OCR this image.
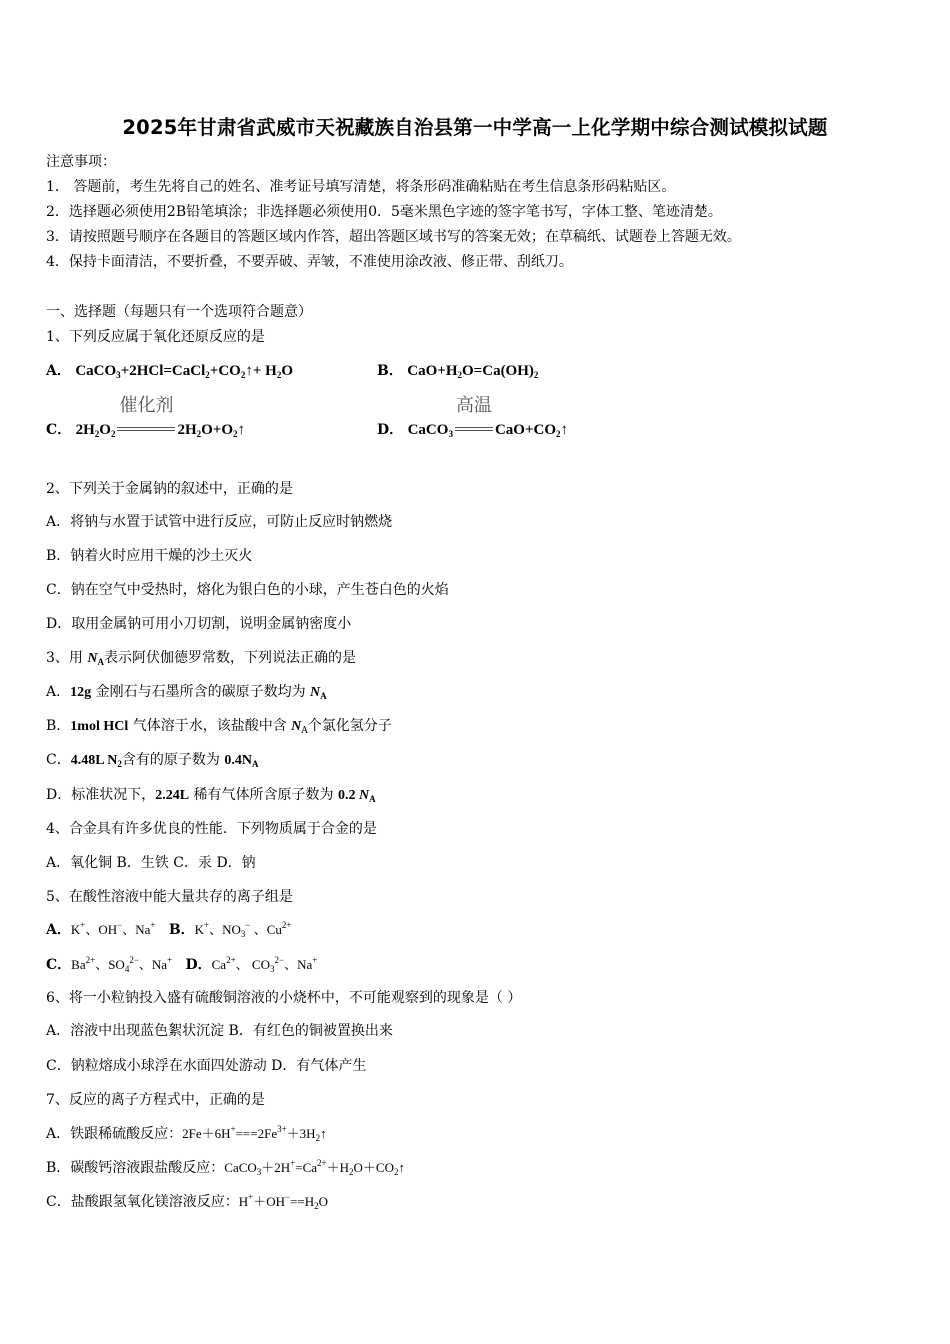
2025年甘肃省武威市天祝藏族自治县第一中学高一上化学期中综合测试模拟试题
注意事项：
1． 答题前，考生先将自己的姓名、准考证号填写清楚，将条形码准确粘贴在考生信息条形码粘贴区。
2．选择题必须使用2B铅笔填涂；非选择题必须使用0．5毫米黑色字迹的签字笔书写，字体工整、笔迹清楚。
3．请按照题号顺序在各题目的答题区域内作答，超出答题区域书写的答案无效；在草稿纸、试题卷上答题无效。
4．保持卡面清洁，不要折叠，不要弄破、弄皱，不准使用涂改液、修正带、刮纸刀。
一、选择题（每题只有一个选项符合题意）
1、下列反应属于氧化还原反应的是
A． $CaCO_3+2HCl=CaCl_2+CO_2↑+ H_2O$	B． $CaO+H_2O=Ca(OH)_2$
C． $2H_2O_2$
催化剂
$2H_2O+O_2↑$	D． CaCO$_3$
高温
$CaO+CO_2↑$
2、下列关于金属钠的叙述中，正确的是
A．将钠与水置于试管中进行反应，可防止反应时钠燃烧
B．钠着火时应用干燥的沙土灭火
C．钠在空气中受热时，熔化为银白色的小球，产生苍白色的火焰
D．取用金属钠可用小刀切割，说明金属钠密度小
3、用 $N_A$表示阿伏伽德罗常数，下列说法正确的是
A．12g 金刚石与石墨所含的碳原子数均为 $N_A$
B．1mol HCl 气体溶于水，该盐酸中含 $N_A$个氯化氢分子
C．4.48L $N_2$含有的原子数为 $0.4N_A$
D．标准状况下，2.24L 稀有气体所含原子数为 0.2 $N_A$
4、合金具有许多优良的性能．下列物质属于合金的是
A．氧化铜 B．生铁 C．汞 D．钠
5、在酸性溶液中能大量共存的离子组是
A．K+、OH−、Na+ B．K+、$NO_3^-$ 、$Cu^{2+}$
C．$Ba^{2+}$、$SO_4^{2-}$、Na+ D．$Ca^{2+}$、 $CO_3^{2-}$、Na+
6、将一小粒钠投入盛有硫酸铜溶液的小烧杯中，不可能观察到的现象是（ ）
A．溶液中出现蓝色絮状沉淀 B．有红色的铜被置换出来
C．钠粒熔成小球浮在水面四处游动 D．有气体产生
7、反应的离子方程式中，正确的是
A．铁跟稀硫酸反应：$2Fe+6H^+===2Fe^{3+}+3H_2↑$
B．碳酸钙溶液跟盐酸反应：$CaCO_3+2H^+=Ca^{2+}+H_2O+CO_2↑$
C．盐酸跟氢氧化镁溶液反应：$H^++OH^-==H_2O$
